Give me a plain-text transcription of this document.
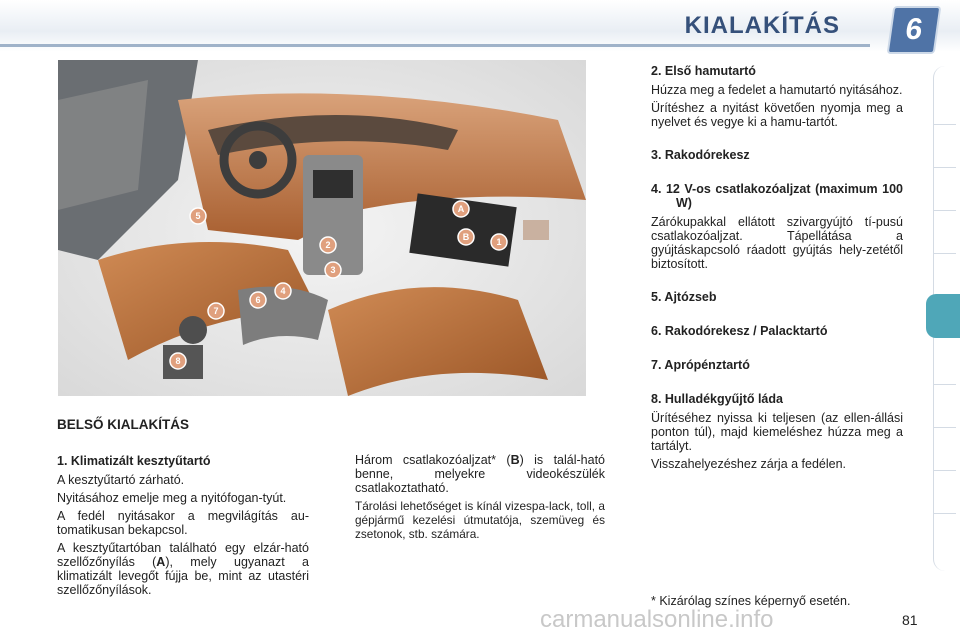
KIALAKÍTÁS	6
5
A
B	1
2
3
4
6
7
8
BELSŐ KIALAKÍTÁS

1. Klimatizált kesztyűtartó

A kesztyűtartó zárható.

Nyitásához emelje meg a nyitófogan-tyút.

A fedél nyitásakor a megvilágítás au-tomatikusan bekapcsol.

A kesztyűtartóban található egy elzár-ható szellőzőnyílás (A), mely ugyanazt a klimatizált levegőt fújja be, mint az utastéri szellőzőnyílások.

Három csatlakozóaljzat* (B) is talál-ható benne, melyekre videokészülék csatlakoztatható.

Tárolási lehetőséget is kínál vizespa-lack, toll, a gépjármű kezelési útmutatója, szemüveg és zsetonok, stb. számára.

2. Első hamutartó

Húzza meg a fedelet a hamutartó nyitásához.

Ürítéshez a nyitást követően nyomja meg a nyelvet és vegye ki a hamu-tartót.

3. Rakodórekesz

4. 12 V-os csatlakozóaljzat (maximum 100 W)

Zárókupakkal ellátott szivargyújtó tí-pusú csatlakozóaljzat. Tápellátása a gyújtáskapcsoló ráadott gyújtás hely-zetétől biztosított.

5. Ajtózseb

6. Rakodórekesz / Palacktartó

7. Aprópénztartó

8. Hulladékgyűjtő láda

Ürítéséhez nyissa ki teljesen (az ellen-állási ponton túl), majd kiemeléshez húzza meg a tartályt.

Visszahelyezéshez zárja a fedélen.

* Kizárólag színes képernyő esetén.
carmanualsonline.info	81
